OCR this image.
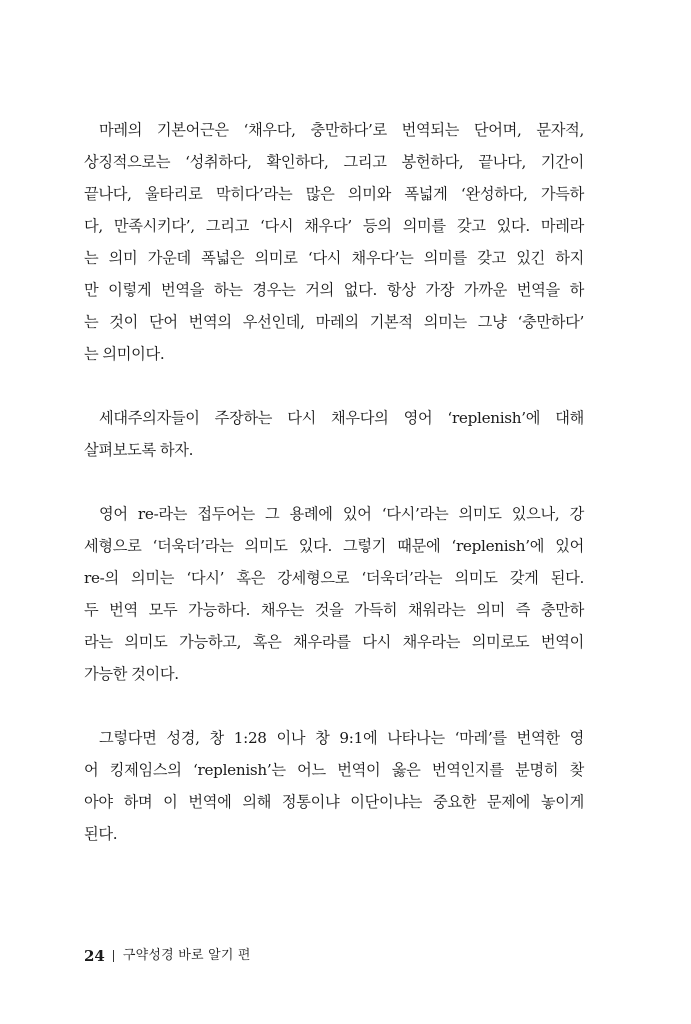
마레의 기본어근은 ‘채우다, 충만하다’로 번역되는 단어며, 문자적,
상징적으로는 ‘성취하다, 확인하다, 그리고 봉헌하다, 끝나다, 기간이
끝나다, 울타리로 막히다’라는 많은 의미와 폭넓게 ‘완성하다, 가득하
다, 만족시키다’, 그리고 ‘다시 채우다’ 등의 의미를 갖고 있다. 마레라
는 의미 가운데 폭넓은 의미로 ‘다시 채우다’는 의미를 갖고 있긴 하지
만 이렇게 번역을 하는 경우는 거의 없다. 항상 가장 가까운 번역을 하
는 것이 단어 번역의 우선인데, 마레의 기본적 의미는 그냥 ‘충만하다’
는 의미이다.

세대주의자들이 주장하는 다시 채우다의 영어 ‘replenish’에 대해
살펴보도록 하자.

영어 re-라는 접두어는 그 용례에 있어 ‘다시’라는 의미도 있으나, 강
세형으로 ‘더욱더’라는 의미도 있다. 그렇기 때문에 ‘replenish’에 있어
re-의 의미는 ‘다시’ 혹은 강세형으로 ‘더욱더’라는 의미도 갖게 된다.
두 번역 모두 가능하다. 채우는 것을 가득히 채워라는 의미 즉 충만하
라는 의미도 가능하고, 혹은 채우라를 다시 채우라는 의미로도 번역이
가능한 것이다.

그렇다면 성경, 창 1:28 이나 창 9:1에 나타나는 ‘마레’를 번역한 영
어 킹제임스의 ‘replenish’는 어느 번역이 옳은 번역인지를 분명히 찾
아야 하며 이 번역에 의해 정통이냐 이단이냐는 중요한 문제에 놓이게
된다.

24 구약성경 바로 알기 편
